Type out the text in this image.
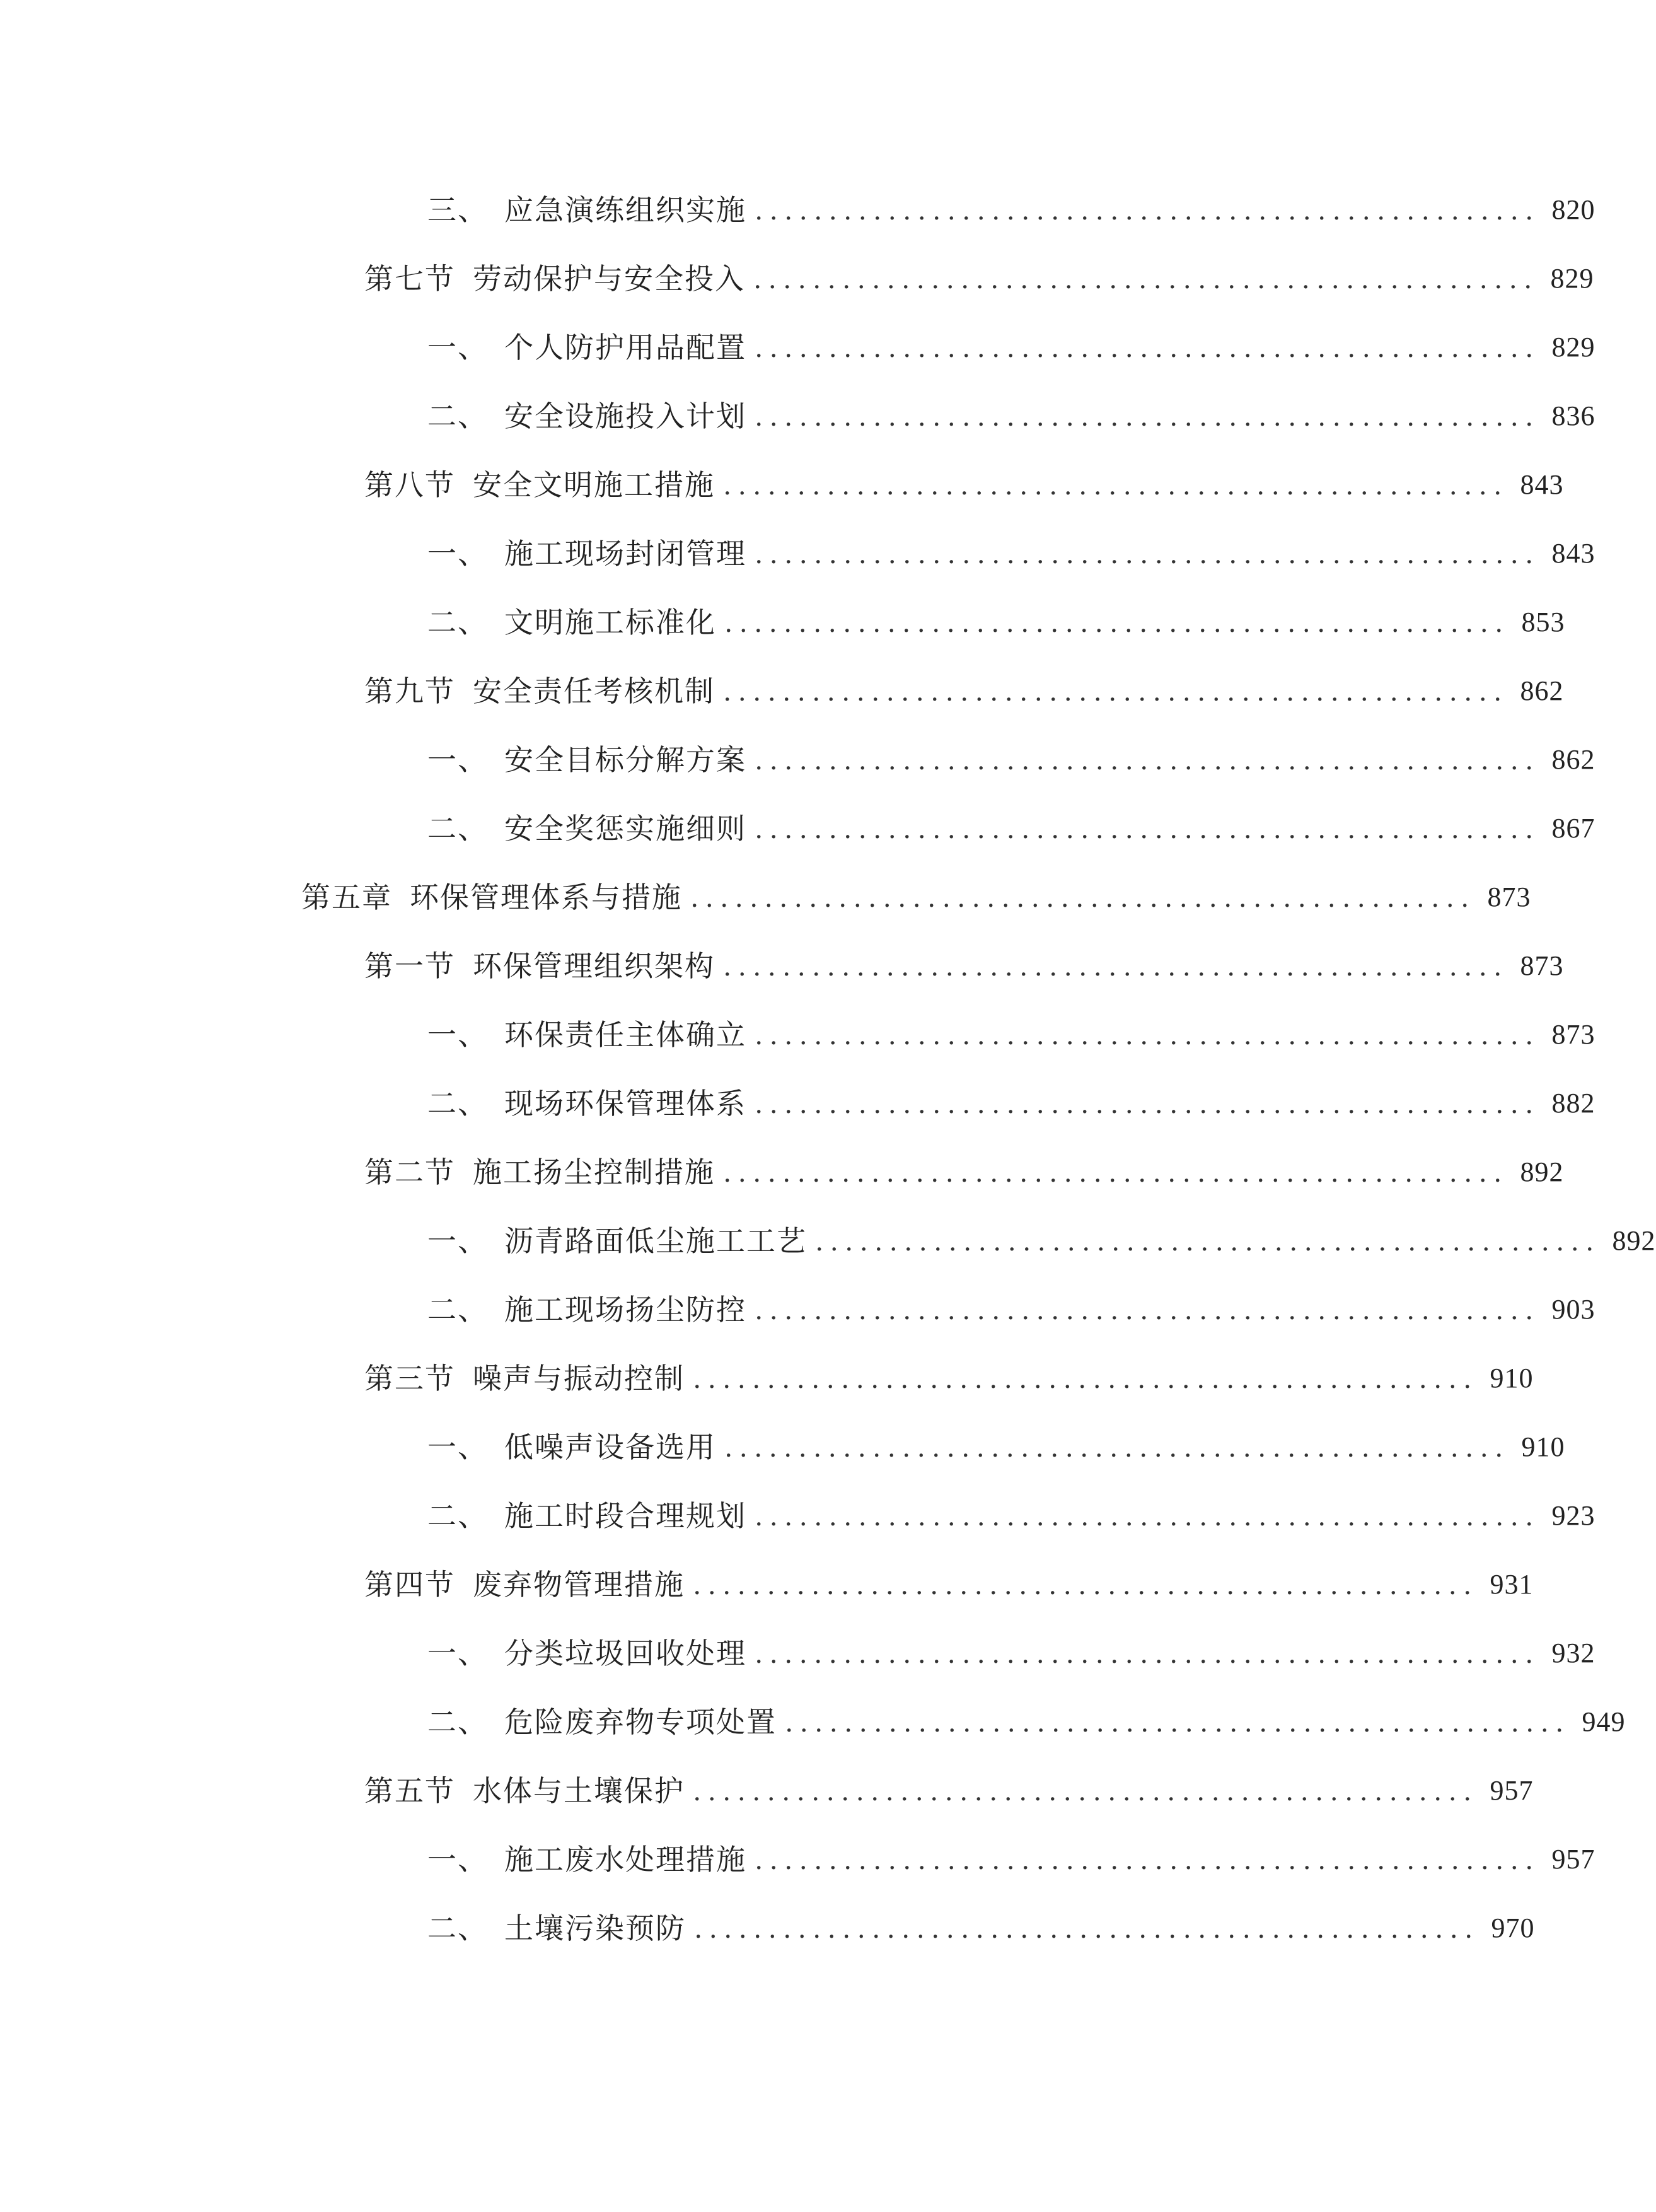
三、 应急演练组织实施 ..................................................... 820
第七节 劳动保护与安全投入 ..................................................... 829
一、 个人防护用品配置 ..................................................... 829
二、 安全设施投入计划 ..................................................... 836
第八节 安全文明施工措施 ..................................................... 843
一、 施工现场封闭管理 ..................................................... 843
二、 文明施工标准化 ..................................................... 853
第九节 安全责任考核机制 ..................................................... 862
一、 安全目标分解方案 ..................................................... 862
二、 安全奖惩实施细则 ..................................................... 867
第五章 环保管理体系与措施 ..................................................... 873
第一节 环保管理组织架构 ..................................................... 873
一、 环保责任主体确立 ..................................................... 873
二、 现场环保管理体系 ..................................................... 882
第二节 施工扬尘控制措施 ..................................................... 892
一、 沥青路面低尘施工工艺 ..................................................... 892
二、 施工现场扬尘防控 ..................................................... 903
第三节 噪声与振动控制 ..................................................... 910
一、 低噪声设备选用 ..................................................... 910
二、 施工时段合理规划 ..................................................... 923
第四节 废弃物管理措施 ..................................................... 931
一、 分类垃圾回收处理 ..................................................... 932
二、 危险废弃物专项处置 ..................................................... 949
第五节 水体与土壤保护 ..................................................... 957
一、 施工废水处理措施 ..................................................... 957
二、 土壤污染预防 ..................................................... 970
